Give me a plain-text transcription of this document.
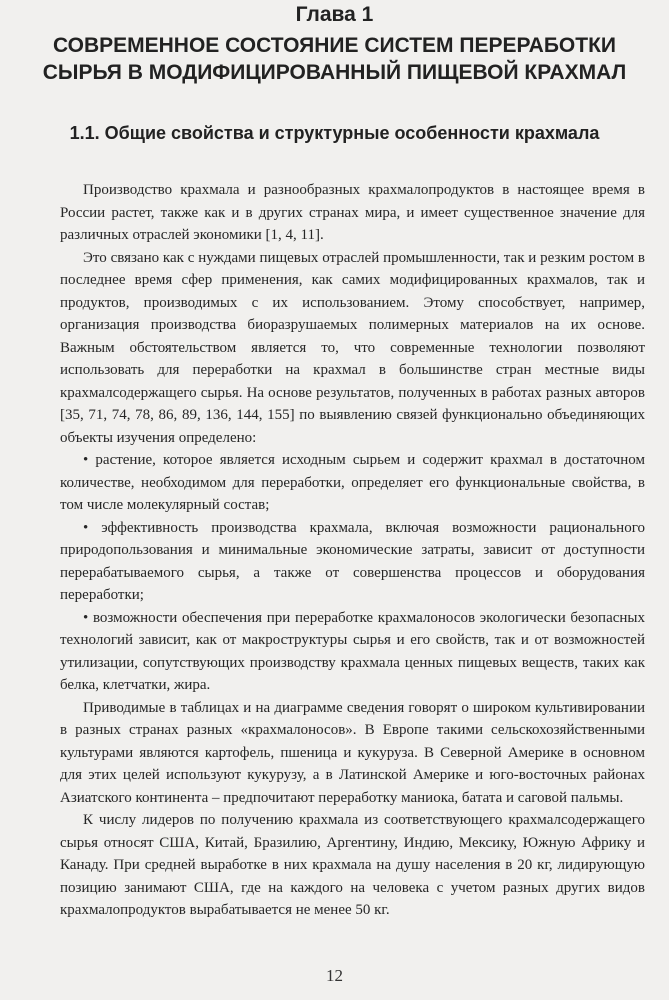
Глава 1
СОВРЕМЕННОЕ СОСТОЯНИЕ СИСТЕМ ПЕРЕРАБОТКИ СЫРЬЯ В МОДИФИЦИРОВАННЫЙ ПИЩЕВОЙ КРАХМАЛ
1.1. Общие свойства и структурные особенности крахмала

Производство крахмала и разнообразных крахмалопродуктов в настоящее время в России растет, также как и в других странах мира, и имеет существенное значение для различных отраслей экономики [1, 4, 11].

Это связано как с нуждами пищевых отраслей промышленности, так и резким ростом в последнее время сфер применения, как самих модифицированных крахмалов, так и продуктов, производимых с их использованием. Этому способствует, например, организация производства биоразрушаемых полимерных материалов на их основе. Важным обстоятельством является то, что современные технологии позволяют использовать для переработки на крахмал в большинстве стран местные виды крахмалсодержащего сырья. На основе результатов, полученных в работах разных авторов [35, 71, 74, 78, 86, 89, 136, 144, 155] по выявлению связей функционально объединяющих объекты изучения определено:

• растение, которое является исходным сырьем и содержит крахмал в достаточном количестве, необходимом для переработки, определяет его функциональные свойства, в том числе молекулярный состав;

• эффективность производства крахмала, включая возможности рационального природопользования и минимальные экономические затраты, зависит от доступности перерабатываемого сырья, а также от совершенства процессов и оборудования переработки;

• возможности обеспечения при переработке крахмалоносов экологически безопасных технологий зависит, как от макроструктуры сырья и его свойств, так и от возможностей утилизации, сопутствующих производству крахмала ценных пищевых веществ, таких как белка, клетчатки, жира.

Приводимые в таблицах и на диаграмме сведения говорят о широком культивировании в разных странах разных «крахмалоносов». В Европе такими сельскохозяйственными культурами являются картофель, пшеница и кукуруза. В Северной Америке в основном для этих целей используют кукурузу, а в Латинской Америке и юго-восточных районах Азиатского континента – предпочитают переработку маниока, батата и саговой пальмы.

К числу лидеров по получению крахмала из соответствующего крахмалсодержащего сырья относят США, Китай, Бразилию, Аргентину, Индию, Мексику, Южную Африку и Канаду. При средней выработке в них крахмала на душу населения в 20 кг, лидирующую позицию занимают США, где на каждого на человека с учетом разных других видов крахмалопродуктов вырабатывается не менее 50 кг.

12
